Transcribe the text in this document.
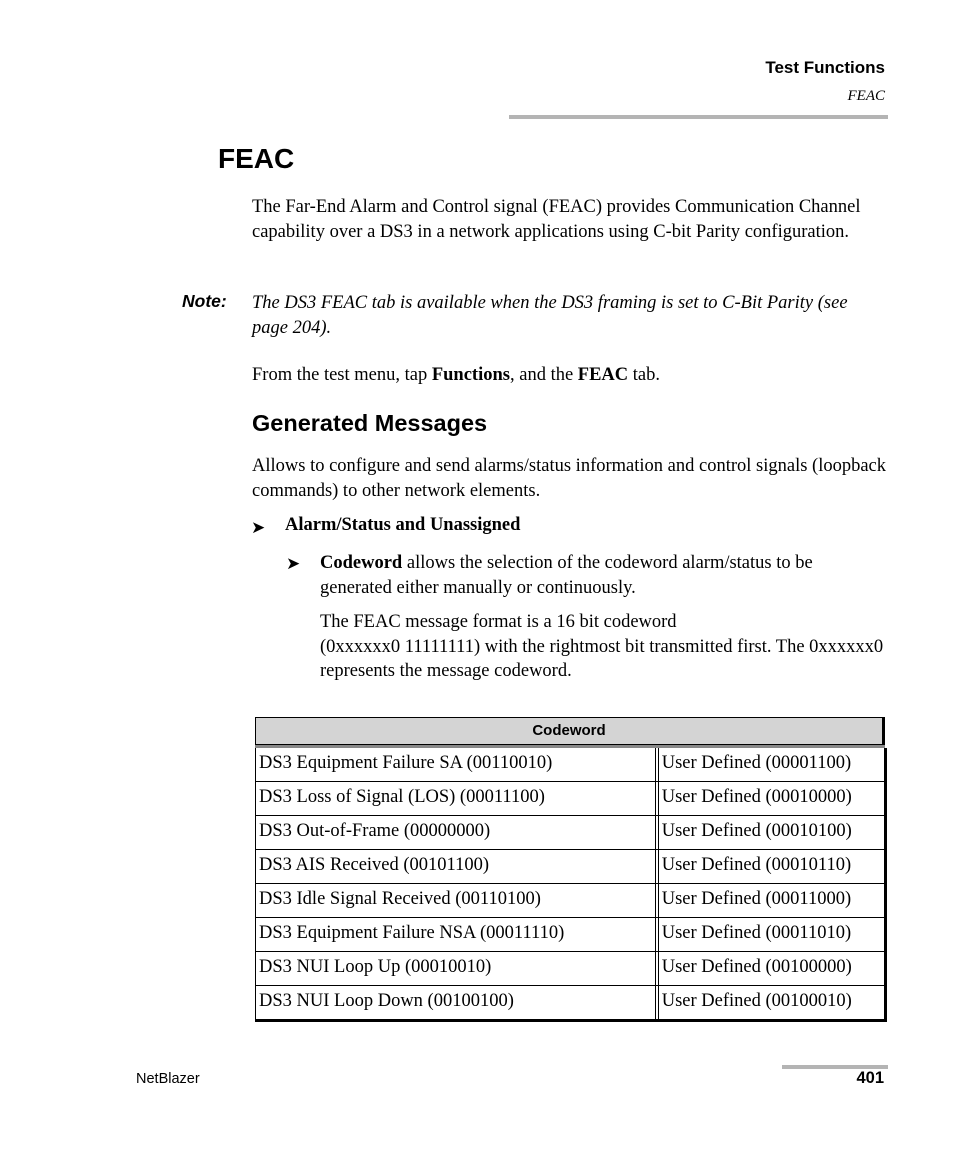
Test Functions
FEAC
FEAC

The Far-End Alarm and Control signal (FEAC) provides Communication Channel capability over a DS3 in a network applications using C-bit Parity configuration.

Note: The DS3 FEAC tab is available when the DS3 framing is set to C-Bit Parity (see page 204).

From the test menu, tap Functions, and the FEAC tab.

Generated Messages

Allows to configure and send alarms/status information and control signals (loopback commands) to other network elements.

➤ Alarm/Status and Unassigned
➤ Codeword allows the selection of the codeword alarm/status to be generated either manually or continuously.

The FEAC message format is a 16 bit codeword
(0xxxxxx0 11111111) with the rightmost bit transmitted first. The 0xxxxxx0 represents the message codeword.

Codeword
DS3 Equipment Failure SA (00110010)	User Defined (00001100)
DS3 Loss of Signal (LOS) (00011100)	User Defined (00010000)
DS3 Out-of-Frame (00000000)	User Defined (00010100)
DS3 AIS Received (00101100)	User Defined (00010110)
DS3 Idle Signal Received (00110100)	User Defined (00011000)
DS3 Equipment Failure NSA (00011110)	User Defined (00011010)
DS3 NUI Loop Up (00010010)	User Defined (00100000)
DS3 NUI Loop Down (00100100)	User Defined (00100010)
NetBlazer	401
